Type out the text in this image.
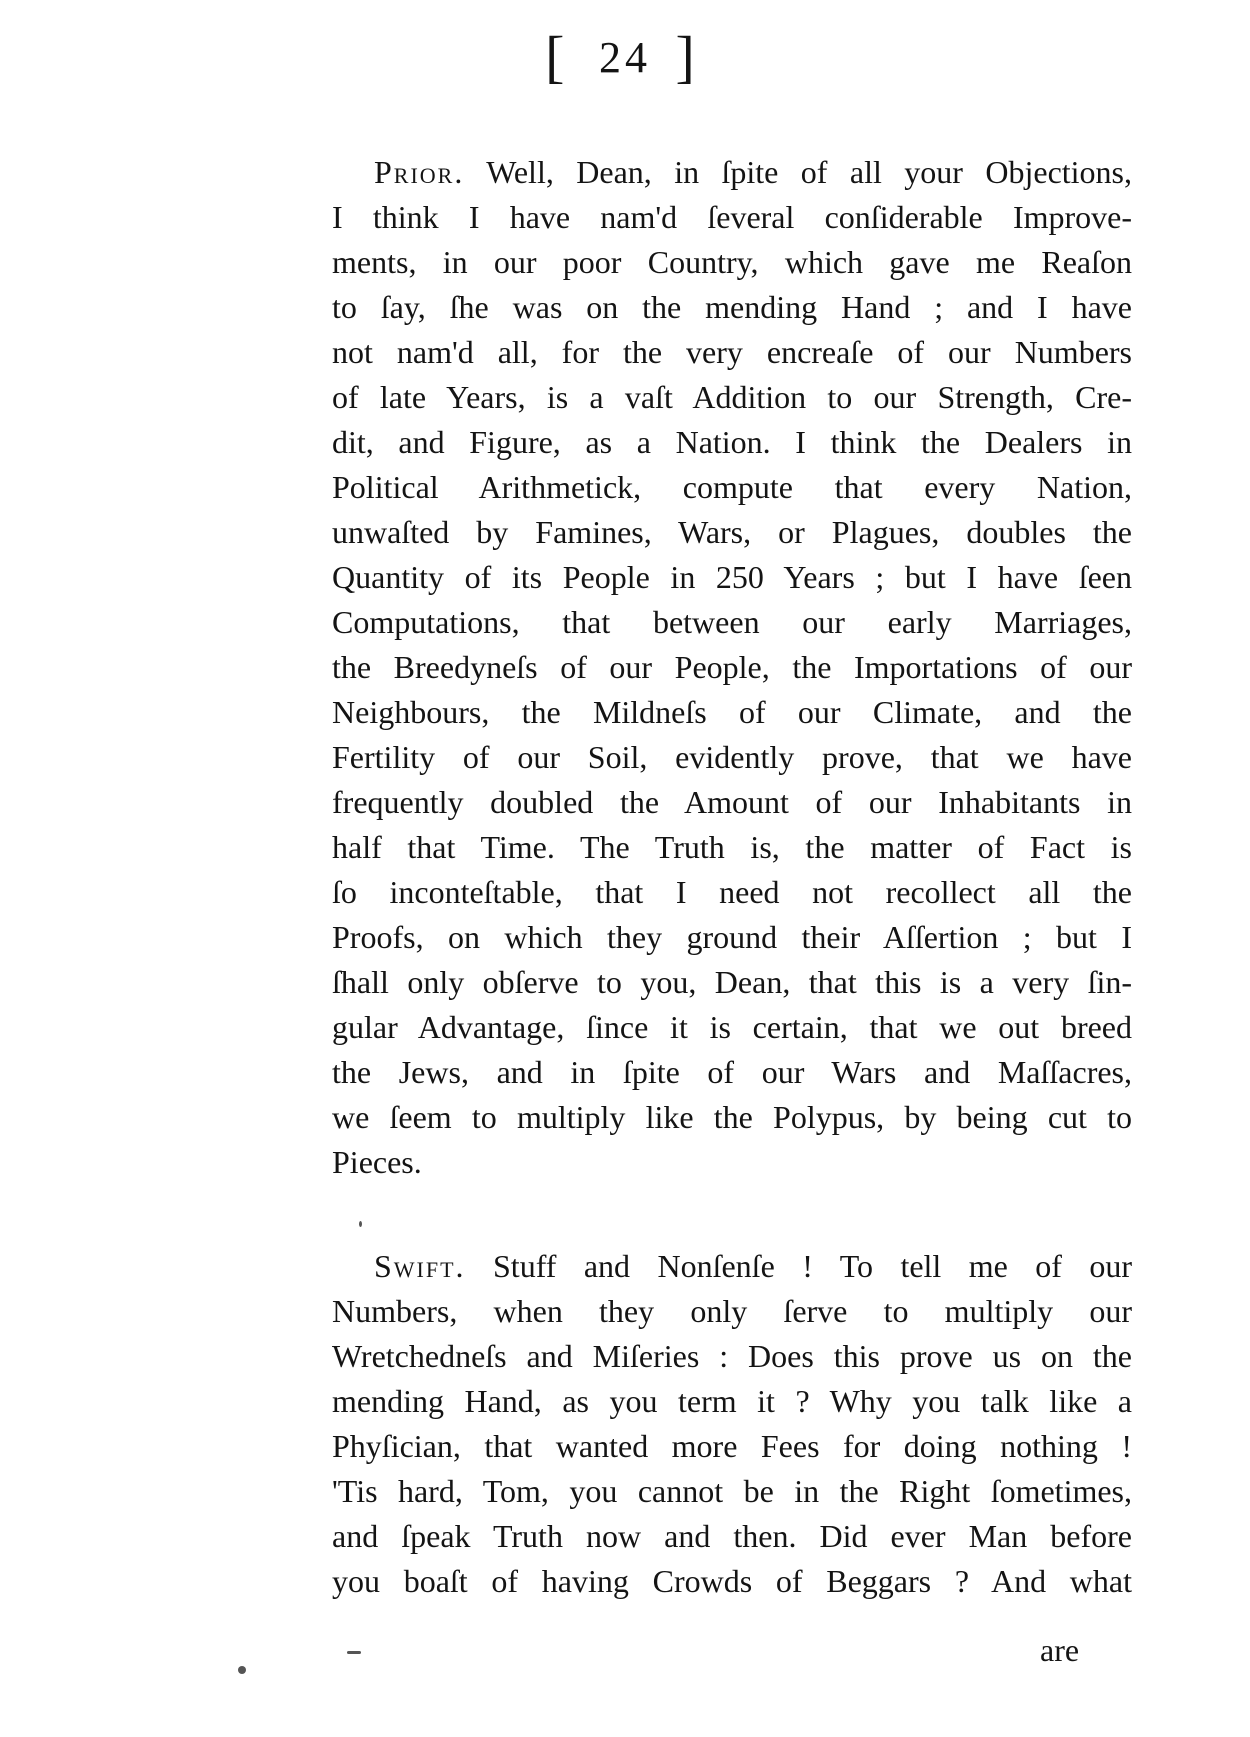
[ 24 ]
Prior. Well, Dean, in ſpite of all your Objections,
I think I have nam'd ſeveral conſiderable Improve-
ments, in our poor Country, which gave me Reaſon
to ſay, ſhe was on the mending Hand ; and I have
not nam'd all, for the very encreaſe of our Numbers
of late Years, is a vaſt Addition to our Strength, Cre-
dit, and Figure, as a Nation. I think the Dealers in
Political Arithmetick, compute that every Nation,
unwaſted by Famines, Wars, or Plagues, doubles the
Quantity of its People in 250 Years ; but I have ſeen
Computations, that between our early Marriages,
the Breedyneſs of our People, the Importations of our
Neighbours, the Mildneſs of our Climate, and the
Fertility of our Soil, evidently prove, that we have
frequently doubled the Amount of our Inhabitants in
half that Time. The Truth is, the matter of Fact is
ſo inconteſtable, that I need not recollect all the
Proofs, on which they ground their Aſſertion ; but I
ſhall only obſerve to you, Dean, that this is a very ſin-
gular Advantage, ſince it is certain, that we out breed
the Jews, and in ſpite of our Wars and Maſſacres,
we ſeem to multiply like the Polypus, by being cut to
Pieces.
Swift. Stuff and Nonſenſe ! To tell me of our
Numbers, when they only ſerve to multiply our
Wretchedneſs and Miſeries : Does this prove us on the
mending Hand, as you term it ? Why you talk like a
Phyſician, that wanted more Fees for doing nothing !
'Tis hard, Tom, you cannot be in the Right ſometimes,
and ſpeak Truth now and then. Did ever Man before
you boaſt of having Crowds of Beggars ? And what
are
